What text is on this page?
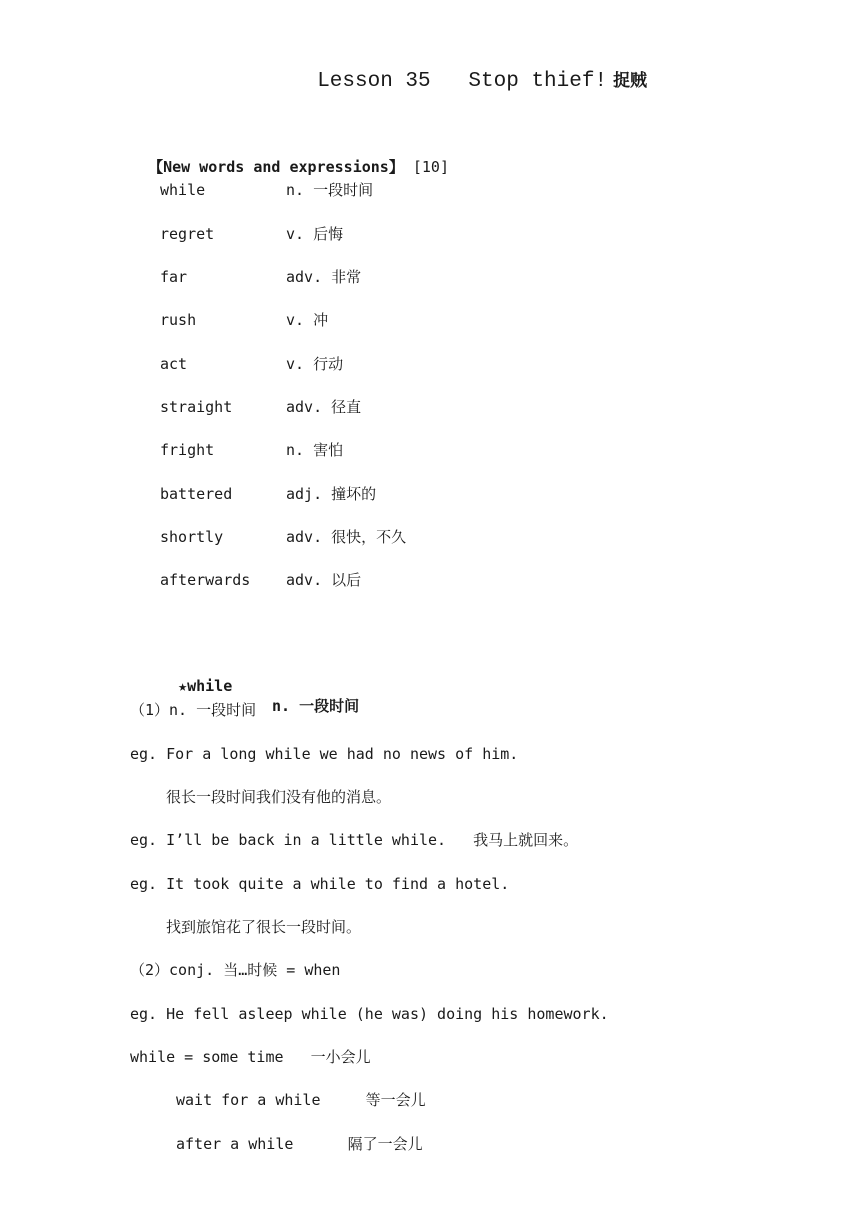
Lesson 35   Stop thief! 捉贼

【New words and expressions】 [10]

while	n. 一段时间
regret	v. 后悔
far	adv. 非常
rush	v. 冲
act	v. 行动
straight	adv. 径直
fright	n. 害怕
battered	adj. 撞坏的
shortly	adv. 很快，不久
afterwards adv. 以后

★while

n. 一段时间

（1）n. 一段时间
eg. For a long while we had no news of him.
很长一段时间我们没有他的消息。
eg. I’ll be back in a little while.   我马上就回来。
eg. It took quite a while to find a hotel.
找到旅馆花了很长一段时间。
（2）conj. 当…时候 = when
eg. He fell asleep while (he was) doing his homework.
while = some time   一小会儿
wait for a while     等一会儿
after a while      隔了一会儿
